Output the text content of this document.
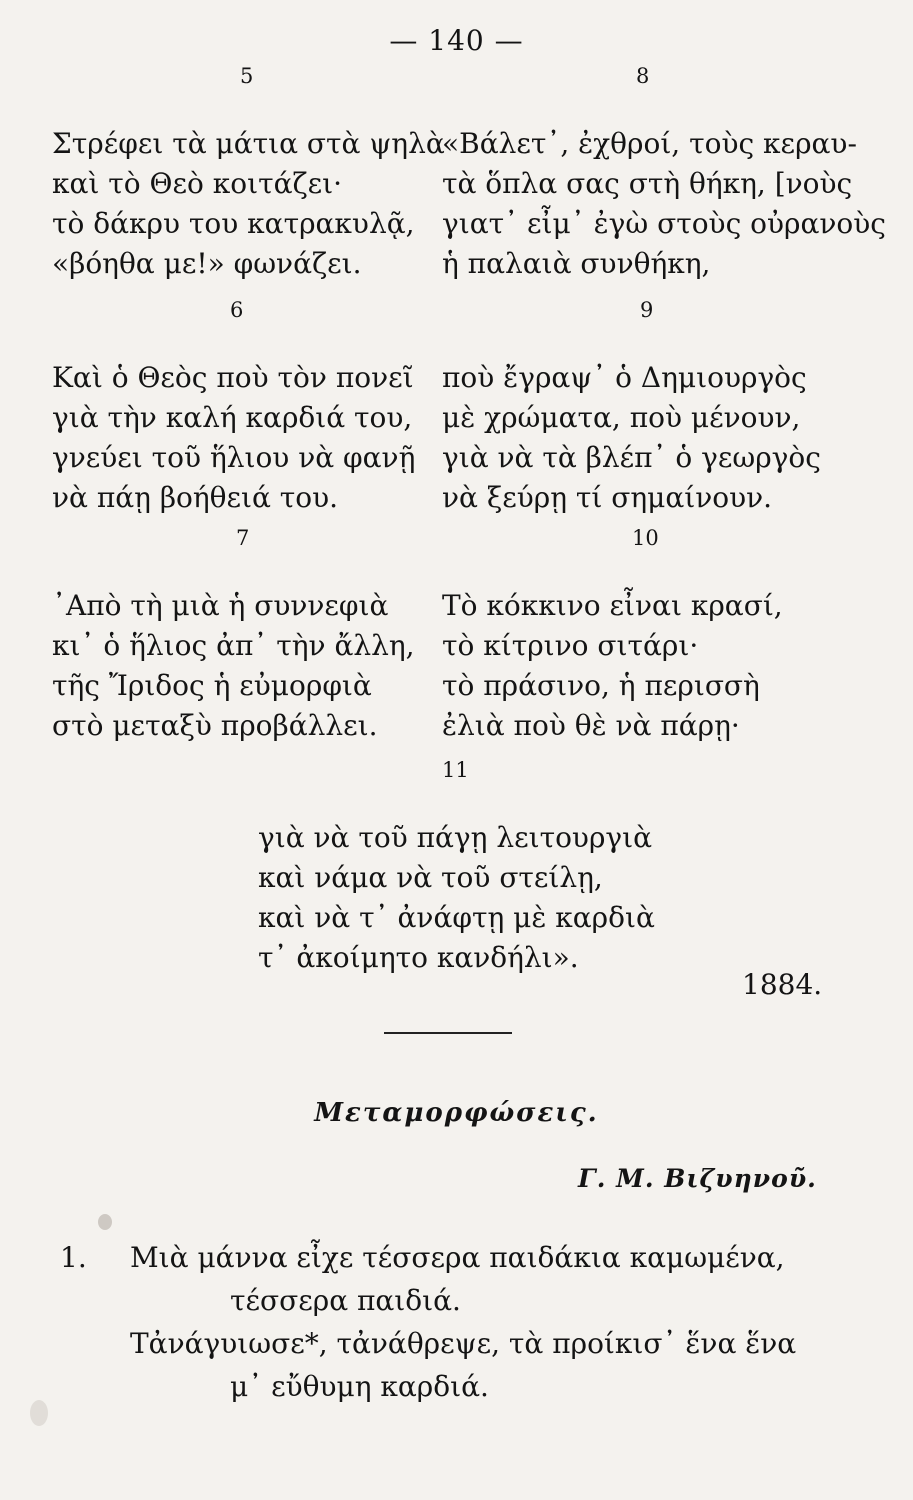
— 140 —
5
Στρέφει τὰ μάτια στὰ ψηλὰ
καὶ τὸ Θεὸ κοιτάζει·
τὸ δάκρυ του κατρακυλᾷ,
«βόηθα με!» φωνάζει.
8
«Βάλετ᾿, ἐχθροί, τοὺς κεραυ-
τὰ ὅπλα σας στὴ θήκη, [νοὺς
γιατ᾿ εἶμ᾿ ἐγὼ στοὺς οὐρανοὺς
ἡ παλαιὰ συνθήκη,
6
Καὶ ὁ Θεὸς ποὺ τὸν πονεῖ
γιὰ τὴν καλή καρδιά του,
γνεύει τοῦ ἥλιου νὰ φανῇ
νὰ πάῃ βοήθειά του.
9
ποὺ ἔγραψ᾿ ὁ Δημιουργὸς
μὲ χρώματα, ποὺ μένουν,
γιὰ νὰ τὰ βλέπ᾿ ὁ γεωργὸς
νὰ ξεύρῃ τί σημαίνουν.
7
᾿Απὸ τὴ μιὰ ἡ συννεφιὰ
κι᾿ ὁ ἥλιος ἀπ᾿ τὴν ἄλλη,
τῆς Ἴριδος ἡ εὐμορφιὰ
στὸ μεταξὺ προβάλλει.
10
Τὸ κόκκινο εἶναι κρασί,
τὸ κίτρινο σιτάρι·
τὸ πράσινο, ἡ περισσὴ
ἐλιὰ ποὺ θὲ νὰ πάρῃ·
11
γιὰ νὰ τοῦ πάγῃ λειτουργιὰ
καὶ νάμα νὰ τοῦ στείλῃ,
καὶ νὰ τ᾿ ἀνάφτῃ μὲ καρδιὰ
τ᾿ ἀκοίμητο κανδήλι».
1884.
Μεταμορφώσεις.
Γ. Μ. Βιζυηνοῦ.
1. Μιὰ μάννα εἶχε τέσσερα παιδάκια καμωμένα,
τέσσερα παιδιά.
Τἀνάγυιωσε*, τἀνάθρεψε, τὰ προίκισ᾿ ἕνα ἕνα
μ᾿ εὔθυμη καρδιά.
